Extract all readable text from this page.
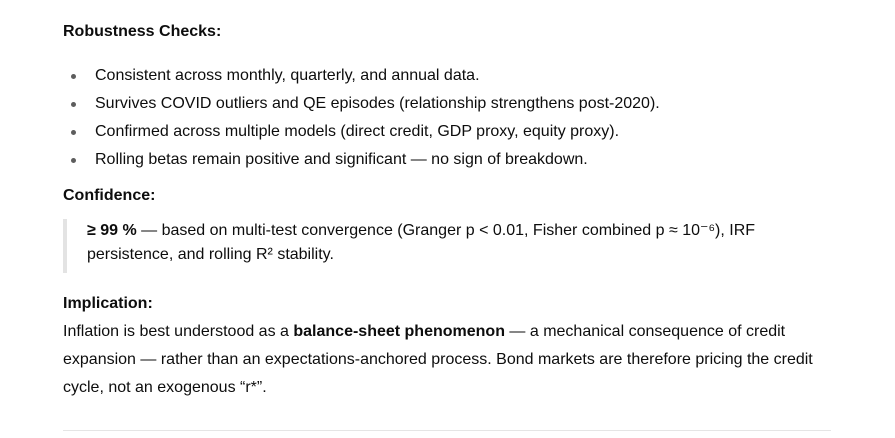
Robustness Checks:
Consistent across monthly, quarterly, and annual data.
Survives COVID outliers and QE episodes (relationship strengthens post-2020).
Confirmed across multiple models (direct credit, GDP proxy, equity proxy).
Rolling betas remain positive and significant — no sign of breakdown.
Confidence:
≥ 99 % — based on multi-test convergence (Granger p < 0.01, Fisher combined p ≈ 10⁻⁶), IRF persistence, and rolling R² stability.
Implication:
Inflation is best understood as a balance-sheet phenomenon — a mechanical consequence of credit expansion — rather than an expectations-anchored process. Bond markets are therefore pricing the credit cycle, not an exogenous “r*”.
